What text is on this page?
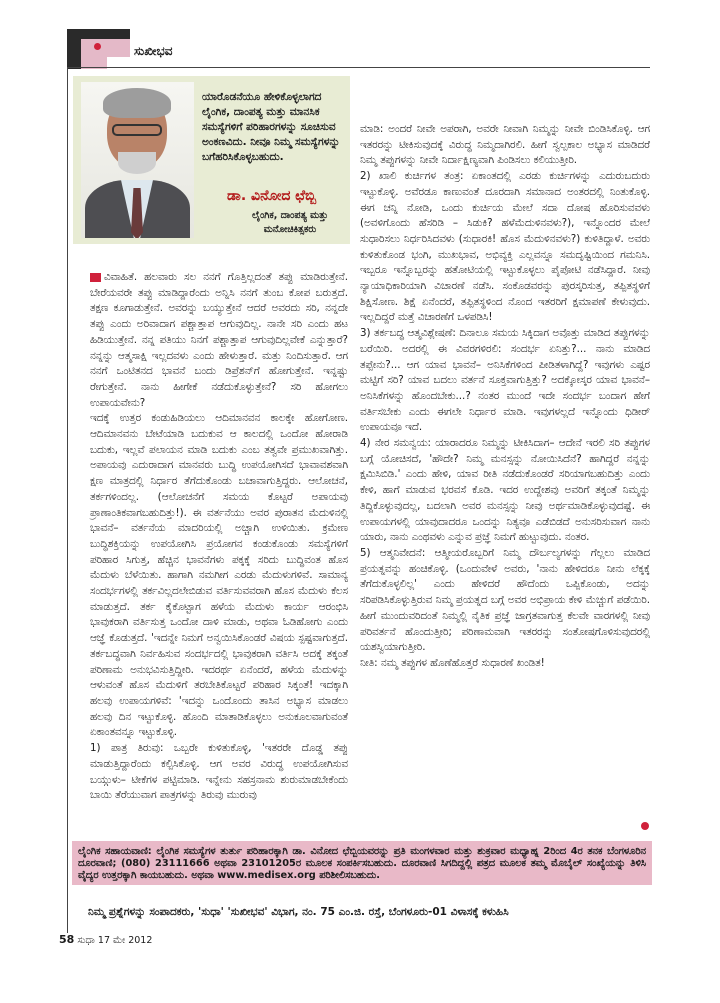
ಸುಖೀಭವ
ಯಾರೊಡನೆಯೂ ಹೇಳಿಕೊಳ್ಳಲಾಗದ ಲೈಂಗಿಕ, ದಾಂಪತ್ಯ ಮತ್ತು ಮಾನಸಿಕ ಸಮಸ್ಯೆಗಳಿಗೆ ಪರಿಹಾರಗಳನ್ನು ಸೂಚಿಸುವ ಅಂಕಣವಿದು. ನೀವೂ ನಿಮ್ಮ ಸಮಸ್ಯೆಗಳನ್ನು ಬಗೆಹರಿಸಿಕೊಳ್ಳಬಹುದು.
ಡಾ. ವಿನೋದ ಛೆಬ್ಬಿ
ಲೈಂಗಿಕ, ದಾಂಪತ್ಯ ಮತ್ತು ಮನೋಚಿಕಿತ್ಸಕರು

ವಿವಾಹಿತೆ. ಹಲವಾರು ಸಲ ನನಗೆ ಗೊತ್ತಿಲ್ಲದಂತೆ ತಪ್ಪು ಮಾಡಿರುತ್ತೇನೆ. ಬೇರೆಯವರೇ ತಪ್ಪು ಮಾಡಿದ್ದಾರೆಂದು ಅನ್ನಿಸಿ ನನಗೆ ತುಂಬ ಕೋಪ ಬರುತ್ತದೆ. ತಕ್ಷಣ ಕೂಗಾಡುತ್ತೇನೆ. ಅವರನ್ನು ಬಯ್ಯುತ್ತೇನೆ ಆದರೆ ಅವರದು ಸರಿ, ನನ್ನದೇ ತಪ್ಪು ಎಂದು ಅರಿವಾದಾಗ ಪಶ್ಚಾತ್ತಾಪ ಆಗುವುದಿಲ್ಲ. ನಾನೇ ಸರಿ ಎಂದು ಹಟ ಹಿಡಿಯುತ್ತೇನೆ. ನನ್ನ ಪತಿಯು ನಿನಗೆ ಪಶ್ಚಾತ್ತಾಪ ಆಗುವುದಿಲ್ಲವೇಕೆ ಎನ್ನುತ್ತಾರೆ? ನನ್ನನ್ನು ಆತ್ಮಸಾಕ್ಷಿ ಇಲ್ಲದವಳು ಎಂದು ಹೇಳುತ್ತಾರೆ. ಮತ್ತು ನಿಂದಿಸುತ್ತಾರೆ. ಆಗ ನನಗೆ ಒಂಟಿತನದ ಭಾವನೆ ಬಂದು ಡಿಪ್ರೆಶನ್‌ಗೆ ಹೋಗುತ್ತೇನೆ. ಇನ್ನಷ್ಟು ರೇಗುತ್ತೇನೆ. ನಾನು ಹೀಗೇಕೆ ನಡೆದುಕೊಳ್ಳುತ್ತೇನೆ? ಸರಿ ಹೋಗಲು ಉಪಾಯವೇನು?

ಇದಕ್ಕೆ ಉತ್ತರ ಕಂಡುಹಿಡಿಯಲು ಆದಿಮಾನವನ ಕಾಲಕ್ಕೇ ಹೋಗೋಣ. ಆದಿಮಾನವನು ಬೇಟೆಯಾಡಿ ಬದುಕುವ ಆ ಕಾಲದಲ್ಲಿ ಒಂದೋ ಹೋರಾಡಿ ಬದುಕು, ಇಲ್ಲವೆ ಪಲಾಯನ ಮಾಡಿ ಬದುಕು ಎಂಬ ತತ್ವವೇ ಪ್ರಮುಖವಾಗಿತ್ತು. ಅಪಾಯವು ಎದುರಾದಾಗ ಮಾನವರು ಬುದ್ಧಿ ಉಪಯೋಗಿಸದೆ ಭಾವಾವಶವಾಗಿ ಕ್ಷಣ ಮಾತ್ರದಲ್ಲಿ ನಿರ್ಧಾರ ತೆಗೆದುಕೊಂಡು ಬಚಾವಾಗುತ್ತಿದ್ದರು. ಆಲೋಚನೆ, ತರ್ಕಗಳಿಂದಲ್ಲ. (ಆಲೋಚನೆಗೆ ಸಮಯ ಕೊಟ್ಟರೆ ಅಪಾಯವು ಪ್ರಾಣಾಂತಿಕವಾಗಬಹುದಿತ್ತು!). ಈ ವರ್ತನೆಯು ಅವರ ಪುರಾತನ ಮೆದುಳಿನಲ್ಲಿ ಭಾವನೆ– ವರ್ತನೆಯ ಮಾದರಿಯಲ್ಲಿ ಅಚ್ಚಾಗಿ ಉಳಿಯಿತು. ಕ್ರಮೇಣ ಬುದ್ಧಿಶಕ್ತಿಯನ್ನು ಉಪಯೋಗಿಸಿ ಪ್ರಯೋಗನ ಕಂಡುಕೊಂಡು ಸಮಸ್ಯೆಗಳಿಗೆ ಪರಿಹಾರ ಸಿಗುತ್ತ, ಹೆಚ್ಚಿನ ಭಾವನೆಗಳು ಪಕ್ಕಕ್ಕೆ ಸರಿದು ಬುದ್ಧಿವಂತ ಹೊಸ ಮೆದುಳು ಬೆಳೆಯಿತು. ಹಾಗಾಗಿ ನಮಗೀಗ ಎರಡು ಮೆದುಳುಗಳಿವೆ. ಸಾಮಾನ್ಯ ಸಂದರ್ಭಗಳಲ್ಲಿ ತರ್ಕವಿಲ್ಲದಲೇಬಿಡುವ ವರ್ತಿಸುವವರಾಗಿ ಹೊಸ ಮೆದುಳು ಕೆಲಸ ಮಾಡುತ್ತದೆ. ತರ್ಕ ಕೈಕೊಟ್ಟಾಗ ಹಳೆಯ ಮೆದುಳು ಕಾರ್ಯ ಆರಂಭಿಸಿ ಭಾವುಕರಾಗಿ ವರ್ತಿಸುತ್ತ ಒಂದೋ ದಾಳಿ ಮಾಡು, ಅಥವಾ ಓಡಿಹೋಗು ಎಂದು ಆಜ್ಞೆ ಕೊಡುತ್ತದೆ. 'ಇದನ್ನೇ ನಿಮಗೆ ಅನ್ವಯಿಸಿಕೊಂಡರೆ ವಿಷಯ ಸ್ಪಷ್ಟವಾಗುತ್ತದೆ. ತರ್ಕಬದ್ಧವಾಗಿ ನಿರ್ವಹಿಸುವ ಸಂದರ್ಭದಲ್ಲಿ ಭಾವುಕರಾಗಿ ವರ್ತಿಸಿ ಅದಕ್ಕೆ ತಕ್ಕಂತೆ ಪರಿಣಾಮ ಅನುಭವಿಸುತ್ತಿದ್ದೀರಿ. ಇದರರ್ಥ ಏನೆಂದರೆ, ಹಳೆಯ ಮೆದುಳನ್ನು ಆಳುವಂತೆ ಹೊಸ ಮೆದುಳಿಗೆ ತರಬೇತಿಕೊಟ್ಟರೆ ಪರಿಹಾರ ಸಿಕ್ಕಂತೆ! ಇದಕ್ಕಾಗಿ ಹಲವು ಉಪಾಯಗಳಿವೆ: 'ಇದನ್ನು ಒಂದೊಂದು ತಾಸಿನ ಅಭ್ಯಾಸ ಮಾಡಲು ಹಲವು ದಿನ ಇಟ್ಟುಕೊಳ್ಳಿ. ಹೊಂದಿ ಮಾತಾಡಿಕೊಳ್ಳಲು ಅನುಕೂಲವಾಗುವಂತೆ ಏಕಾಂತವನ್ನೂ ಇಟ್ಟುಕೊಳ್ಳಿ.

1) ಪಾತ್ರ ತಿರುವು: ಒಬ್ಬರೇ ಕುಳಿತುಕೊಳ್ಳಿ, 'ಇತರರೇ ದೊಡ್ಡ ತಪ್ಪು ಮಾಡುತ್ತಿದ್ದಾರೆಂದು ಕಲ್ಪಿಸಿಕೊಳ್ಳಿ. ಆಗ ಅವರ ವಿರುದ್ಧ ಉಪಯೋಗಿಸುವ ಬಯ್ಗುಳು– ಟೀಕೆಗಳ ಪಟ್ಟಿಮಾಡಿ. ಇನ್ನೇನು ಸಹಸ್ರನಾಮ ಶುರುಮಾಡಬೇಕೆಂದು ಬಾಯಿ ತೆರೆಯುವಾಗ ಪಾತ್ರಗಳನ್ನು ತಿರುವು ಮುರುವು

ಮಾಡಿ: ಅಂದರೆ ನೀವೇ ಅಪರಾಗಿ, ಅವರೇ ನೀವಾಗಿ ನಿಮ್ಮನ್ನು ನೀವೇ ಬಿಂಡಿಸಿಕೊಳ್ಳಿ. ಆಗ ಇತರರನ್ನು ಟೀಕಿಸುವುದಕ್ಕೆ ವಿರುದ್ಧ ನಿಮ್ಮದಾಗಿರಲಿ. ಹೀಗೆ ಸ್ವಲ್ಪಕಾಲ ಅಭ್ಯಾಸ ಮಾಡಿದರೆ ನಿಮ್ಮ ತಪ್ಪುಗಳನ್ನು ನೀವೇ ನಿರ್ದಾಕ್ಷಿಣ್ಯವಾಗಿ ಪಿಂಡಿಸಲು ಕಲಿಯುತ್ತೀರಿ.

2) ಖಾಲಿ ಕುರ್ಚಿಗಳ ತಂತ್ರ: ಏಕಾಂತದಲ್ಲಿ ಎರಡು ಕುರ್ಚಿಗಳನ್ನು ಎದುರುಬದುರು ಇಟ್ಟುಕೊಳ್ಳಿ. ಅವೆರಡೂ ಕಾಣುವಂತೆ ದೂರದಾಗಿ ಸಮಾನಾದ ಅಂತರದಲ್ಲಿ ನಿಂತುಕೊಳ್ಳಿ. ಈಗ ಚನ್ನಿ ನೋಡಿ, ಒಂದು ಕುರ್ಚಿಯ ಮೇಲೆ ಸದಾ ದೋಷ ಹೊರಿಸುವವಳು (ಅವಳಿಗೊಂದು ಹೆಸರಿಡಿ – ಸಿಡುಕಿ? ಹಳೆಮೆದುಳಿನವಳು?), ಇನ್ನೊಂದರ ಮೇಲೆ ಸುಧಾರಿಸಲು ನಿರ್ಧರಿಸಿದವಳು (ಸುಧಾರಕಿ! ಹೊಸ ಮೆದುಳಿನವಳು?) ಕುಳಿತಿದ್ದಾಳೆ. ಅವರು ಕುಳಿತುಕೊಂಡ ಭಂಗಿ, ಮುಖಭಾವ, ಅಭಿವ್ಯಕ್ತಿ ಎಲ್ಲವನ್ನೂ ಸಮದೃಷ್ಟಿಯಿಂದ ಗಮನಿಸಿ. ಇಬ್ಬರೂ ಇನ್ನೊಬ್ಬರನ್ನು ಹತೋಟಿಯಲ್ಲಿ ಇಟ್ಟುಕೊಳ್ಳಲು ಪೈಪೋಟಿ ನಡೆಸಿದ್ದಾರೆ. ನೀವು ನ್ಯಾಯಾಧಿಕಾರಿಯಾಗಿ ವಿಚಾರಣೆ ನಡೆಸಿ. ಸಂಕೊಡವರನ್ನು ಪುರಸ್ಕರಿಸುತ್ತ, ತಪ್ಪಿತಸ್ಥಳಿಗೆ ಶಿಕ್ಷಿಸೋಣ. ಶಿಕ್ಷೆ ಏನೆಂದರೆ, ತಪ್ಪಿತಸ್ಥಳಿಂದ ನೊಂದ ಇತರರಿಗೆ ಕ್ಷಮಾಪಣೆ ಕೇಳುವುದು. ಇಲ್ಲದಿದ್ದರೆ ಮತ್ತೆ ವಿಚಾರಣೆಗೆ ಒಳಪಡಿಸಿ!

3) ತರ್ಕಬದ್ಧ ಆತ್ಮವಿಶ್ಲೇಷಣೆ: ದಿನಾಲೂ ಸಮಯ ಸಿಕ್ಕಿದಾಗ ಅವೊತ್ತು ಮಾಡಿದ ತಪ್ಪುಗಳನ್ನು ಬರೆಯಿರಿ. ಅದರಲ್ಲಿ ಈ ವಿವರಗಳಿರಲಿ: ಸಂದರ್ಭ ಏನಿತ್ತು?... ನಾನು ಮಾಡಿದ ತಪ್ಪೇನು?... ಆಗ ಯಾವ ಭಾವನೆ– ಅನಿಸಿಕೆಗಳಿಂದ ಪೀಡಿತಳಾಗಿದ್ದೆ? ಇವುಗಳು ಎಷ್ಟರ ಮಟ್ಟಿಗೆ ಸರಿ? ಯಾವ ಬದಲು ವರ್ತನೆ ಸೂಕ್ತವಾಗುತ್ತಿತ್ತು? ಅದಕ್ಕೋಸ್ಕರ ಯಾವ ಭಾವನೆ– ಅನಿಸಿಕೆಗಳನ್ನು ಹೊಂದಬೇಕು...? ನಂತರ ಮುಂದೆ ಇದೇ ಸಂದರ್ಭ ಬಂದಾಗ ಹೇಗೆ ವರ್ತಿಸಬೇಕು ಎಂದು ಈಗಲೇ ನಿರ್ಧಾರ ಮಾಡಿ. ಇವುಗಳಲ್ಲದೆ ಇನ್ನೊಂದು ಧಿಡೀರ್ ಉಪಾಯವೂ ಇದೆ.

4) ನೇರ ಸಮನ್ವಯ: ಯಾರಾದರೂ ನಿಮ್ಮನ್ನು ಟೀಕಿಸಿದಾಗ– ಆದೇನೆ ಇರಲಿ ಸರಿ ತಪ್ಪುಗಳ ಬಗ್ಗೆ ಯೋಚಿಸದೆ, 'ಹೌದೇ? ನಿಮ್ಮ ಮನಸ್ಸನ್ನು ನೋಯಿಸಿದೆನೆ? ಹಾಗಿದ್ದರೆ ನನ್ನನ್ನು ಕ್ಷಮಿಸಿಬಿಡಿ.' ಎಂದು ಹೇಳಿ, ಯಾವ ರೀತಿ ನಡೆದುಕೊಂಡರೆ ಸರಿಯಾಗಬಹುದಿತ್ತು ಎಂದು ಕೇಳಿ, ಹಾಗೆ ಮಾಡುವ ಭರವಸೆ ಕೊಡಿ. ಇದರ ಉದ್ದೇಶವು ಅವರಿಗೆ ತಕ್ಕಂತೆ ನಿಮ್ಮನ್ನು ತಿದ್ದಿಕೊಳ್ಳುವುದಲ್ಲ, ಬದಲಾಗಿ ಅವರ ಮನಸ್ಸನ್ನು ನೀವು ಅರ್ಥಮಾಡಿಕೊಳ್ಳುವುದಷ್ಟೆ. ಈ ಉಪಾಯಗಳಲ್ಲಿ ಯಾವುದಾದರೂ ಒಂದನ್ನು ನಿತ್ಯವೂ ಎಡೆಬಿಡದೆ ಅನುಸರಿಸುವಾಗ ನಾನು ಯಾರು, ನಾನು ಎಂಥವಳು ಎನ್ನುವ ಪ್ರಜ್ಞೆ ನಿಮಗೆ ಹುಟ್ಟುವುದು. ನಂತರ.

5) ಆತ್ಮನಿವೇದನೆ: ಆತ್ಮೀಯರೊಬ್ಬರಿಗೆ ನಿಮ್ಮ ದೌರ್ಬಲ್ಯಗಳನ್ನು ಗೆಲ್ಲಲು ಮಾಡಿದ ಪ್ರಯತ್ನವನ್ನು ಹಂಚಿಕೊಳ್ಳಿ. (ಒಂದುವೇಳೆ ಅವರು, 'ನಾನು ಹೇಳಿದರೂ ನೀನು ಲೆಕ್ಕಕ್ಕೆ ತೆಗೆದುಕೊಳ್ಳಲಿಲ್ಲ' ಎಂದು ಹೇಳಿದರೆ ಹೌದೆಂದು ಒಪ್ಪಿಕೊಂಡು, ಅದನ್ನು ಸರಿಪಡಿಸಿಕೊಳ್ಳುತ್ತಿರುವ ನಿಮ್ಮ ಪ್ರಯತ್ನದ ಬಗ್ಗೆ ಅವರ ಅಭಿಪ್ರಾಯ ಕೇಳಿ ಮೆಚ್ಚುಗೆ ಪಡೆಯಿರಿ. ಹೀಗೆ ಮುಂದುವರಿದಂತೆ ನಿಮ್ಮಲ್ಲಿ ನೈತಿಕ ಪ್ರಜ್ಞೆ ಜಾಗ್ರತವಾಗುತ್ತ ಕೆಲವೇ ವಾರಗಳಲ್ಲಿ ನೀವು ಪರಿವರ್ತನೆ ಹೊಂದುತ್ತೀರಿ; ಪರಿಣಾಮವಾಗಿ ಇತರರನ್ನು ಸಂತೋಷಗೊಳಿಸುವುದರಲ್ಲಿ ಯಶಸ್ವಿಯಾಗುತ್ತೀರಿ.

ನೀತಿ: ನಮ್ಮ ತಪ್ಪುಗಳ ಹೊಣೆಹೊತ್ತರೆ ಸುಧಾರಣೆ ಖಂಡಿತ!

ಲೈಂಗಿಕ ಸಹಾಯವಾಣಿ: ಲೈಂಗಿಕ ಸಮಸ್ಯೆಗಳ ತುರ್ತು ಪರಿಹಾರಕ್ಕಾಗಿ ಡಾ. ವಿನೋದ ಛೆಬ್ಬಿಯವರನ್ನು ಪ್ರತಿ ಮಂಗಳವಾರ ಮತ್ತು ಶುಕ್ರವಾರ ಮಧ್ಯಾಹ್ನ 2ರಿಂದ 4ರ ತನಕ ಬೆಂಗಳೂರಿನ ದೂರವಾಣಿ; (080) 23111666 ಅಥವಾ 23101205ರ ಮೂಲಕ ಸಂಪರ್ಕಿಸಬಹುದು. ದೂರವಾಣಿ ಸಿಗದಿದ್ದಲ್ಲಿ ಪತ್ರದ ಮೂಲಕ ತಮ್ಮ ಮೊಬೈಲ್ ಸಂಖ್ಯೆಯನ್ನು ತಿಳಿಸಿ ವೈದ್ಯರ ಉತ್ತರಕ್ಕಾಗಿ ಕಾಯಬಹುದು. ಅಥವಾ www.medisex.org ಪರಿಶೀಲಿಸಬಹುದು.
ನಿಮ್ಮ ಪ್ರಶ್ನೆಗಳನ್ನು ಸಂಪಾದಕರು, 'ಸುಧಾ' 'ಸುಖೀಭವ' ವಿಭಾಗ, ನಂ. 75 ಎಂ.ಜಿ. ರಸ್ತೆ, ಬೆಂಗಳೂರು-01 ವಿಳಾಸಕ್ಕೆ ಕಳುಹಿಸಿ
58 ಸುಧಾ 17 ಮೇ 2012
